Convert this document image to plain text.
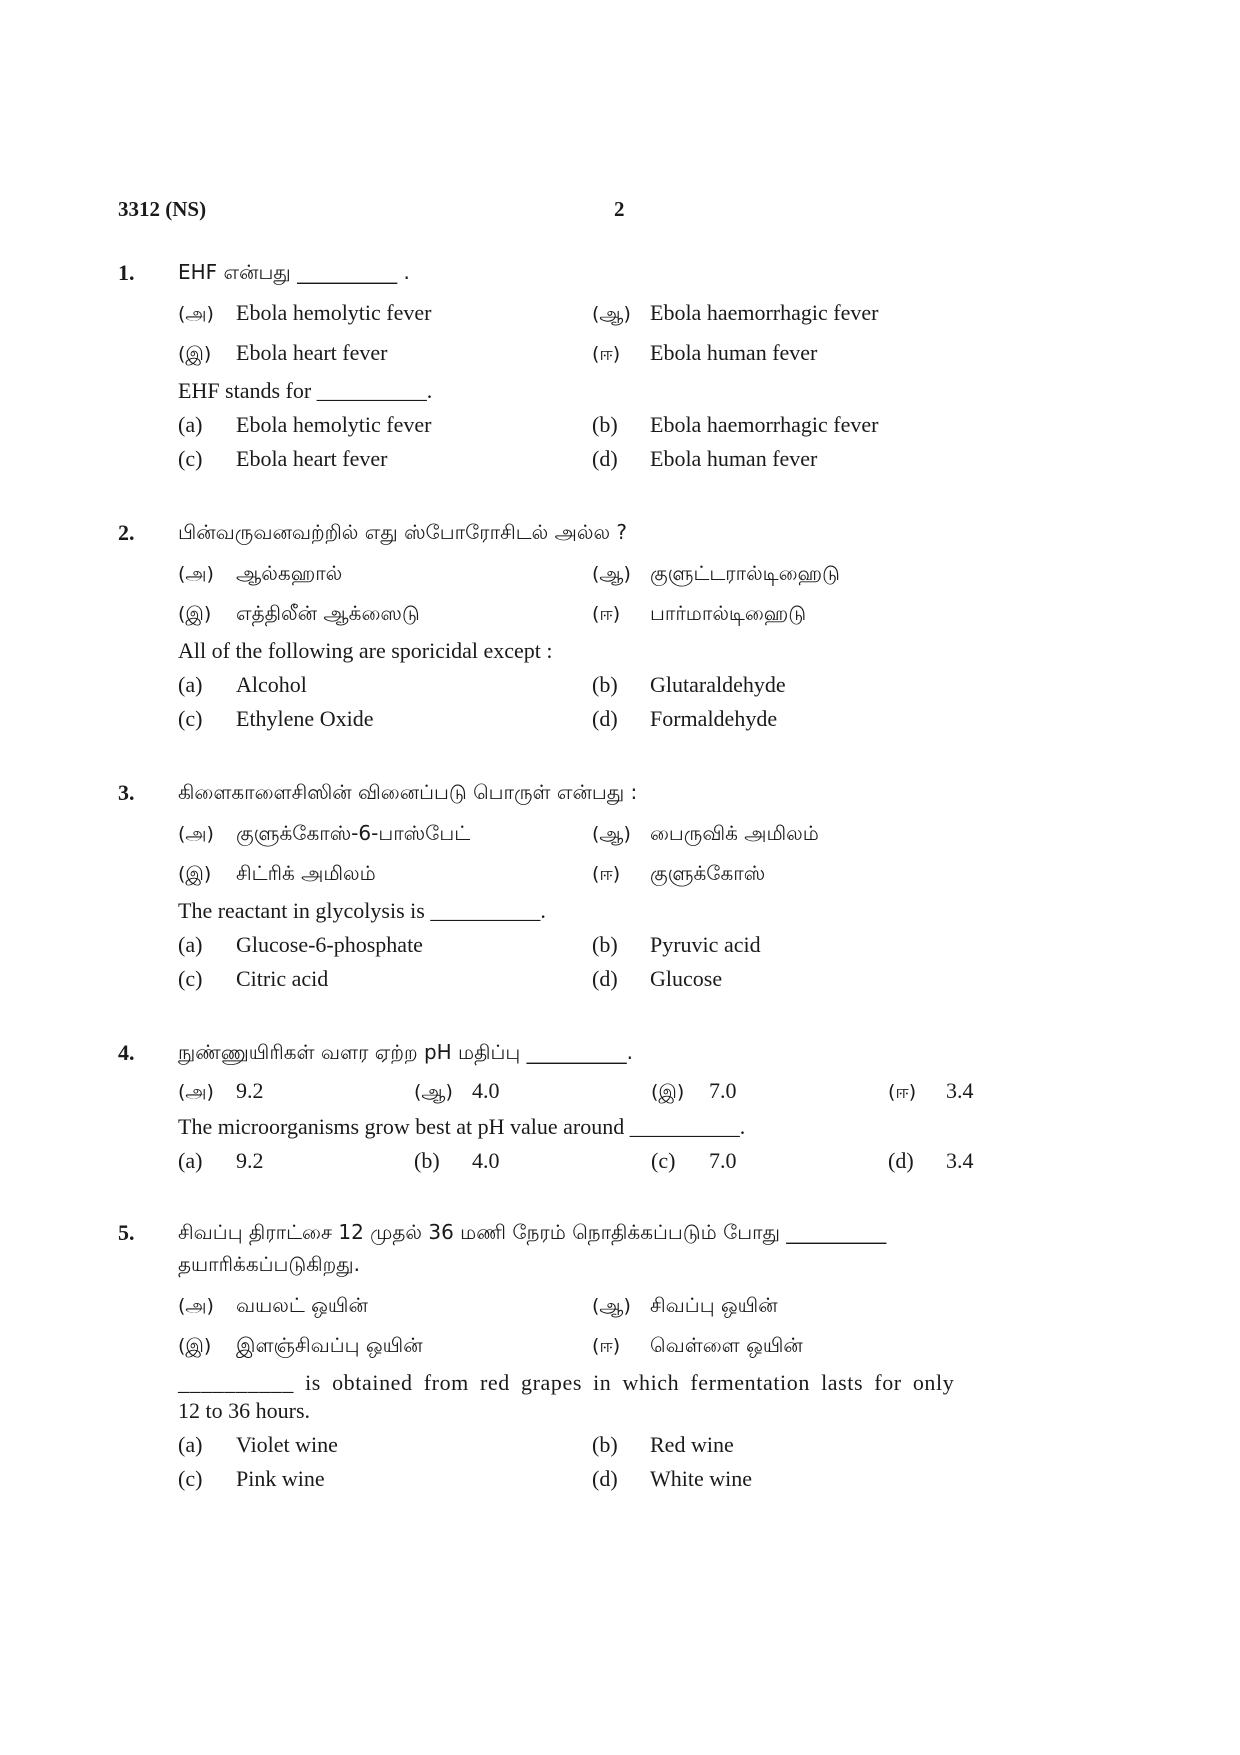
3312 (NS)	2
1. EHF என்பது __________ .
(அ) Ebola hemolytic fever	(ஆ) Ebola haemorrhagic fever
(இ) Ebola heart fever	(ஈ) Ebola human fever
EHF stands for __________.
(a) Ebola hemolytic fever	(b) Ebola haemorrhagic fever
(c) Ebola heart fever	(d) Ebola human fever
2. பின்வருவனவற்றில் எது ஸ்போரோசிடல் அல்ல ?
(அ) ஆல்கஹால்	(ஆ) குளுட்டரால்டிஹைடு
(இ) எத்திலீன் ஆக்ஸைடு	(ஈ) பார்மால்டிஹைடு
All of the following are sporicidal except :
(a) Alcohol	(b) Glutaraldehyde
(c) Ethylene Oxide	(d) Formaldehyde
3. கிளைகாளைசிஸின் வினைப்படு பொருள் என்பது :
(அ) குளுக்கோஸ்-6-பாஸ்பேட்	(ஆ) பைருவிக் அமிலம்
(இ) சிட்ரிக் அமிலம்	(ஈ) குளுக்கோஸ்
The reactant in glycolysis is __________.
(a) Glucose-6-phosphate	(b) Pyruvic acid
(c) Citric acid	(d) Glucose
4. நுண்ணுயிரிகள் வளர ஏற்ற pH மதிப்பு __________.
(அ) 9.2	(ஆ) 4.0	(இ) 7.0	(ஈ) 3.4
The microorganisms grow best at pH value around __________.
(a) 9.2	(b) 4.0	(c) 7.0	(d) 3.4
5. சிவப்பு திராட்சை 12 முதல் 36 மணி நேரம் நொதிக்கப்படும் போது __________
தயாரிக்கப்படுகிறது.
(அ) வயலட் ஒயின்	(ஆ) சிவப்பு ஒயின்
(இ) இளஞ்சிவப்பு ஒயின்	(ஈ) வெள்ளை ஒயின்
__________ is obtained from red grapes in which fermentation lasts for only
12 to 36 hours.
(a) Violet wine	(b) Red wine
(c) Pink wine	(d) White wine
